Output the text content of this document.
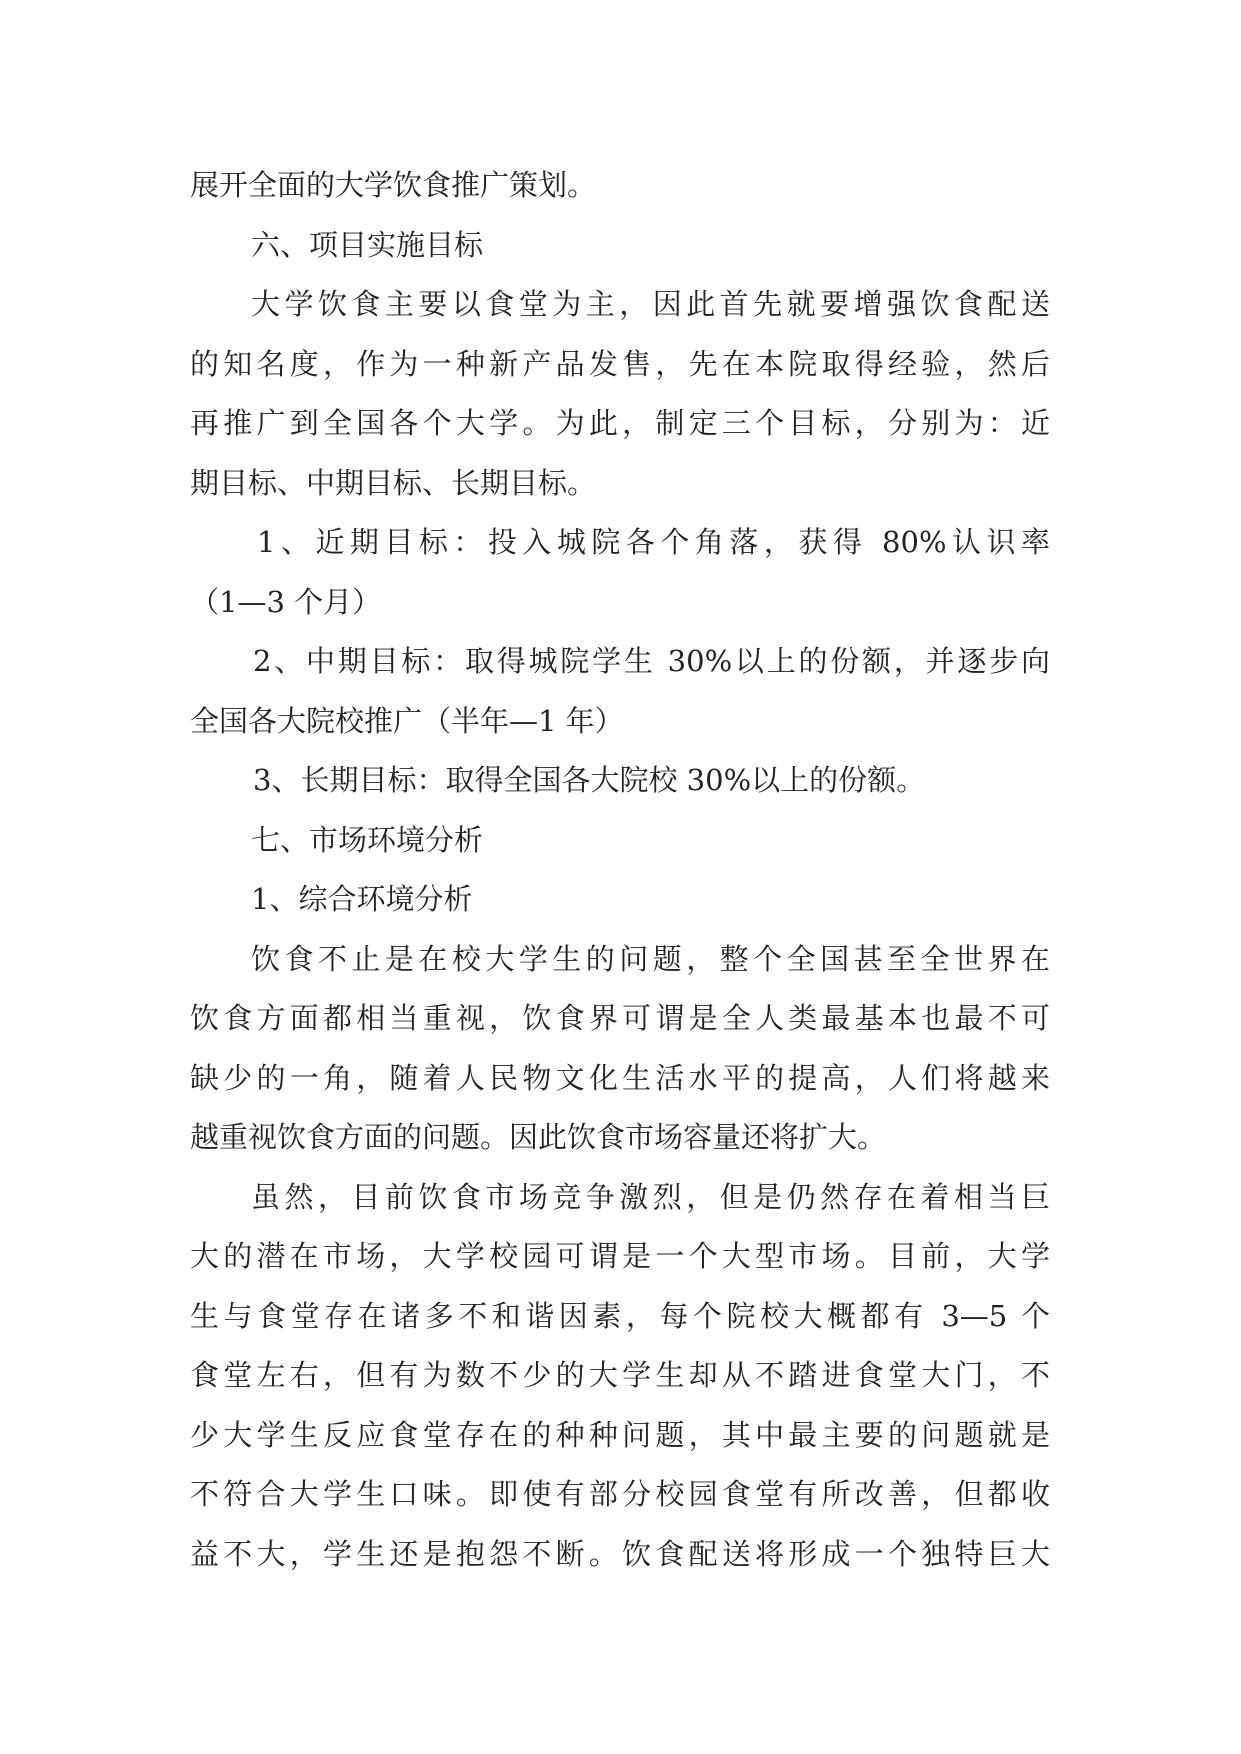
展开全面的大学饮食推广策划。
六、项目实施目标
大学饮食主要以食堂为主，因此首先就要增强饮食配送
的知名度，作为一种新产品发售，先在本院取得经验，然后
再推广到全国各个大学。为此，制定三个目标，分别为：近
期目标、中期目标、长期目标。
1、近期目标：投入城院各个角落，获得 80%认识率
（1—3 个月）
2、中期目标：取得城院学生 30%以上的份额，并逐步向
全国各大院校推广（半年—1 年）
3、长期目标：取得全国各大院校 30%以上的份额。
七、市场环境分析
1、综合环境分析
饮食不止是在校大学生的问题，整个全国甚至全世界在
饮食方面都相当重视，饮食界可谓是全人类最基本也最不可
缺少的一角，随着人民物文化生活水平的提高，人们将越来
越重视饮食方面的问题。因此饮食市场容量还将扩大。
虽然，目前饮食市场竞争激烈，但是仍然存在着相当巨
大的潜在市场，大学校园可谓是一个大型市场。目前，大学
生与食堂存在诸多不和谐因素，每个院校大概都有 3—5 个
食堂左右，但有为数不少的大学生却从不踏进食堂大门，不
少大学生反应食堂存在的种种问题，其中最主要的问题就是
不符合大学生口味。即使有部分校园食堂有所改善，但都收
益不大，学生还是抱怨不断。饮食配送将形成一个独特巨大
